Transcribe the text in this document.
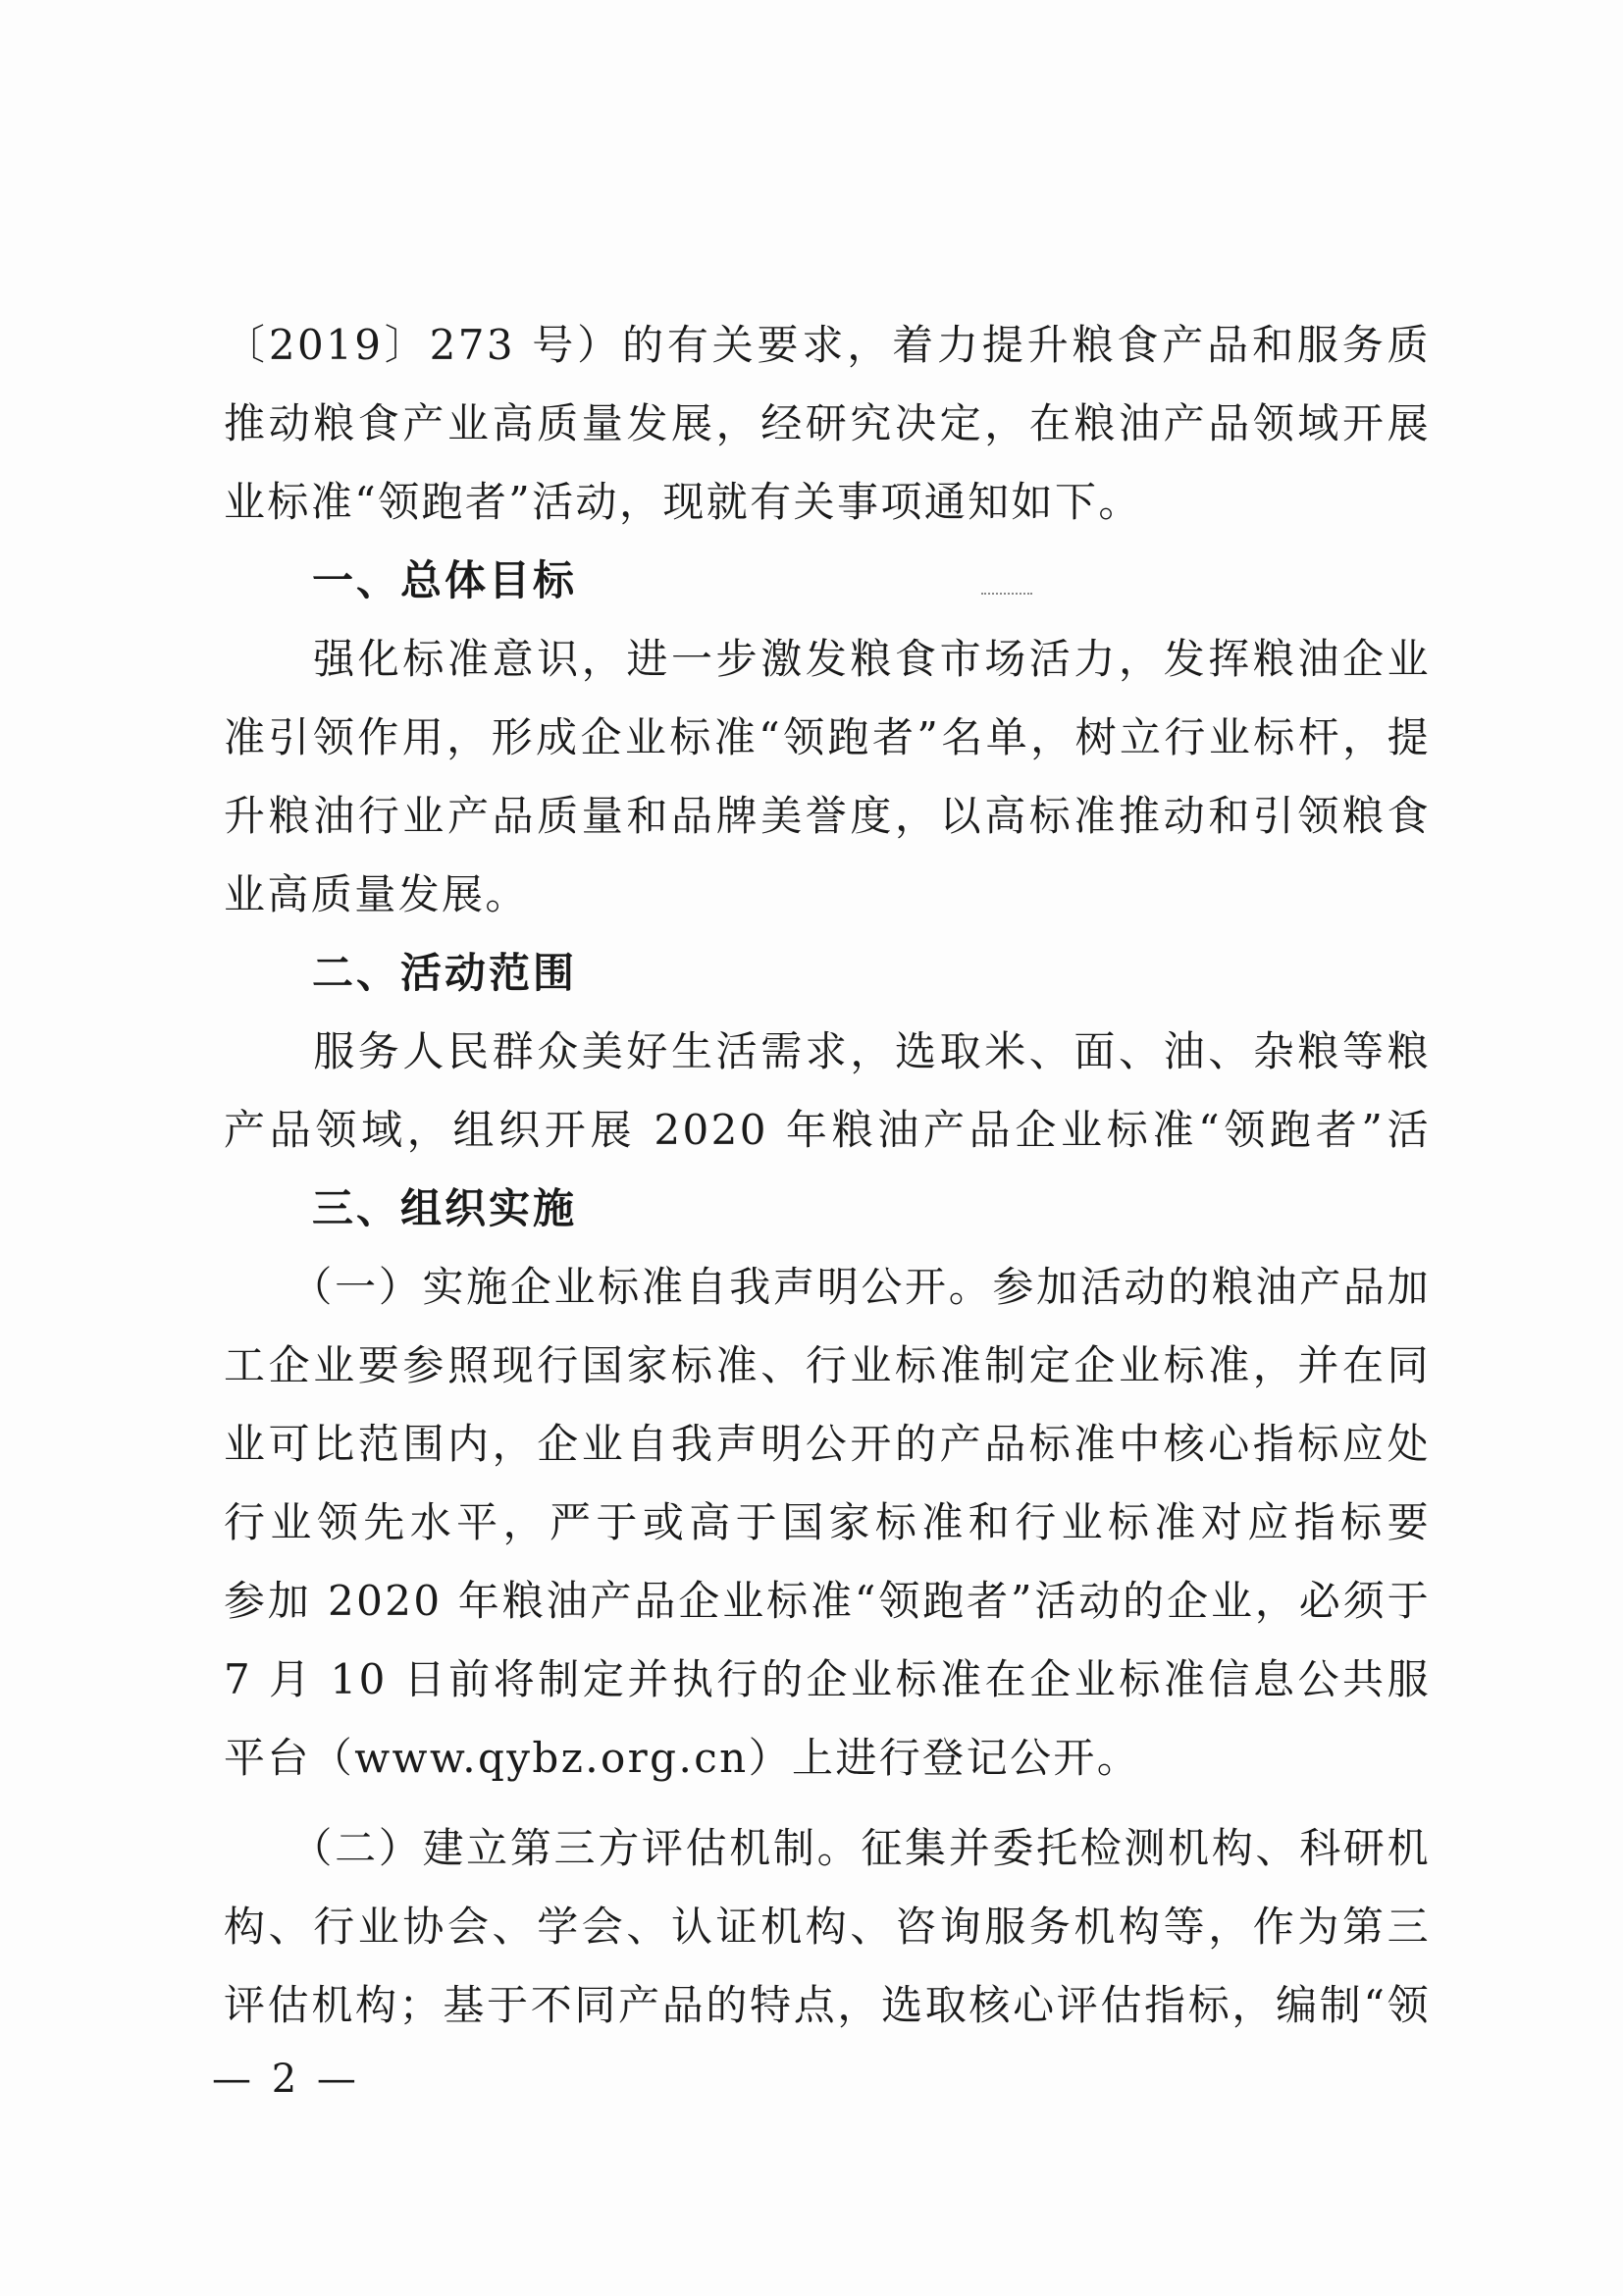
〔2019〕273 号）的有关要求，着力提升粮食产品和服务质
推动粮食产业高质量发展，经研究决定，在粮油产品领域开展
业标准“领跑者”活动，现就有关事项通知如下。
一、总体目标
　　强化标准意识，进一步激发粮食市场活力，发挥粮油企业
准引领作用，形成企业标准“领跑者”名单，树立行业标杆，提
升粮油行业产品质量和品牌美誉度，以高标准推动和引领粮食
业高质量发展。
二、活动范围
　　服务人民群众美好生活需求，选取米、面、油、杂粮等粮
产品领域，组织开展 2020 年粮油产品企业标准“领跑者”活
三、组织实施
　　（一）实施企业标准自我声明公开。参加活动的粮油产品加
工企业要参照现行国家标准、行业标准制定企业标准，并在同
业可比范围内，企业自我声明公开的产品标准中核心指标应处
行业领先水平，严于或高于国家标准和行业标准对应指标要
参加 2020 年粮油产品企业标准“领跑者”活动的企业，必须于
7 月 10 日前将制定并执行的企业标准在企业标准信息公共服
平台（www.qybz.org.cn）上进行登记公开。
　　（二）建立第三方评估机制。征集并委托检测机构、科研机
构、行业协会、学会、认证机构、咨询服务机构等，作为第三
评估机构；基于不同产品的特点，选取核心评估指标，编制“领
— 2 —
